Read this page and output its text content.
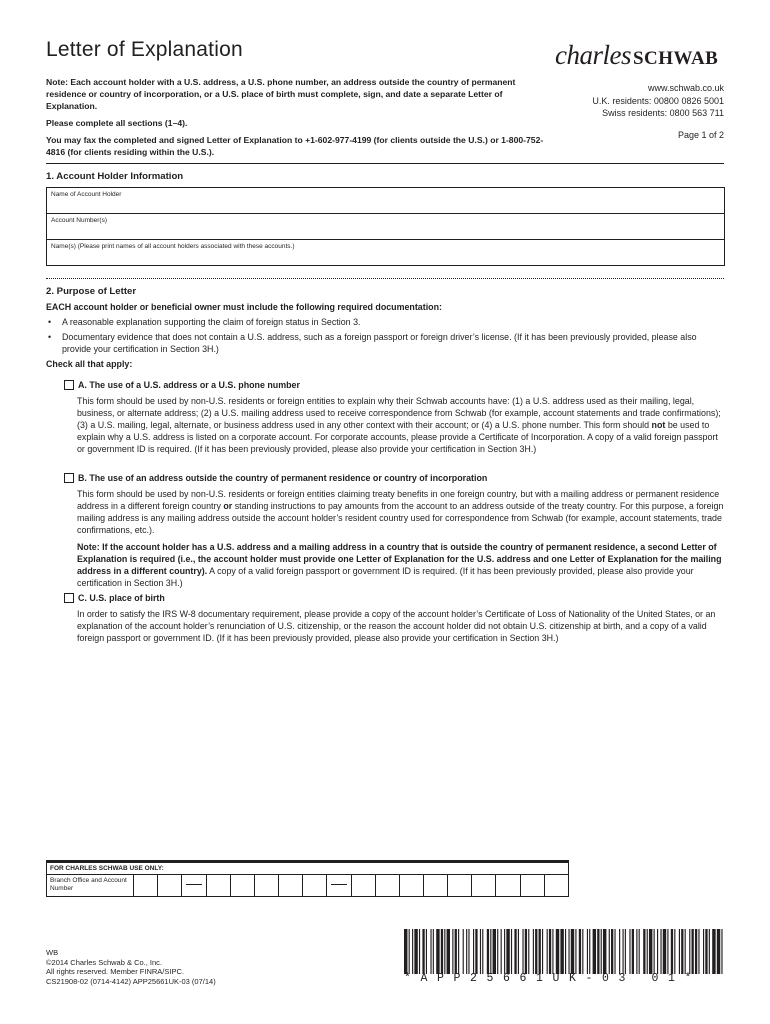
Letter of Explanation	charles SCHWAB

Note: Each account holder with a U.S. address, a U.S. phone number, an address outside the country of permanent residence or country of incorporation, or a U.S. place of birth must complete, sign, and date a separate Letter of Explanation.

Please complete all sections (1–4).

You may fax the completed and signed Letter of Explanation to +1-602-977-4199 (for clients outside the U.S.) or 1-800-752-4816 (for clients residing within the U.S.).

www.schwab.co.uk
U.K. residents: 00800 0826 5001
Swiss residents: 0800 563 711
Page 1 of 2
1. Account Holder Information
Name of Account Holder
Account Number(s)
Name(s) (Please print names of all account holders associated with these accounts.)
2. Purpose of Letter

EACH account holder or beneficial owner must include the following required documentation:

• A reasonable explanation supporting the claim of foreign status in Section 3.
• Documentary evidence that does not contain a U.S. address, such as a foreign passport or foreign driver’s license. (If it has been previously provided, please also provide your certification in Section 3H.)

Check all that apply:

A. The use of a U.S. address or a U.S. phone number

This form should be used by non-U.S. residents or foreign entities to explain why their Schwab accounts have: (1) a U.S. address used as their mailing, legal, business, or alternate address; (2) a U.S. mailing address used to receive correspondence from Schwab (for example, account statements and trade confirmations); (3) a U.S. mailing, legal, alternate, or business address used in any other context with their account; or (4) a U.S. phone number. This form should not be used to explain why a U.S. address is listed on a corporate account. For corporate accounts, please provide a Certificate of Incorporation. A copy of a valid foreign passport or government ID is required. (If it has been previously provided, please also provide your certification in Section 3H.)

B. The use of an address outside the country of permanent residence or country of incorporation

This form should be used by non-U.S. residents or foreign entities claiming treaty benefits in one foreign country, but with a mailing address or permanent residence address in a different foreign country or standing instructions to pay amounts from the account to an address outside of the treaty country. For this purpose, a foreign mailing address is any mailing address outside the account holder’s resident country used for correspondence from Schwab (for example, account statements, trade confirmations, etc.).

Note: If the account holder has a U.S. address and a mailing address in a country that is outside the country of permanent residence, a second Letter of Explanation is required (i.e., the account holder must provide one Letter of Explanation for the U.S. address and one Letter of Explanation for the mailing address in a different country). A copy of a valid foreign passport or government ID is required. (If it has been previously provided, please also provide your certification in Section 3H.)

C. U.S. place of birth

In order to satisfy the IRS W-8 documentary requirement, please provide a copy of the account holder’s Certificate of Loss of Nationality of the United States, or an explanation of the account holder’s renunciation of U.S. citizenship, or the reason the account holder did not obtain U.S. citizenship at birth, and a copy of a valid foreign passport or government ID. (If it has been previously provided, please also provide your certification in Section 3H.)

FOR CHARLES SCHWAB USE ONLY:
Branch Office and Account Number

WB

©2014 Charles Schwab & Co., Inc.

All rights reserved. Member FINRA/SIPC.

CS21908-02 (0714-4142) APP25661UK-03 (07/14)	*APP25661UK-03 01*
